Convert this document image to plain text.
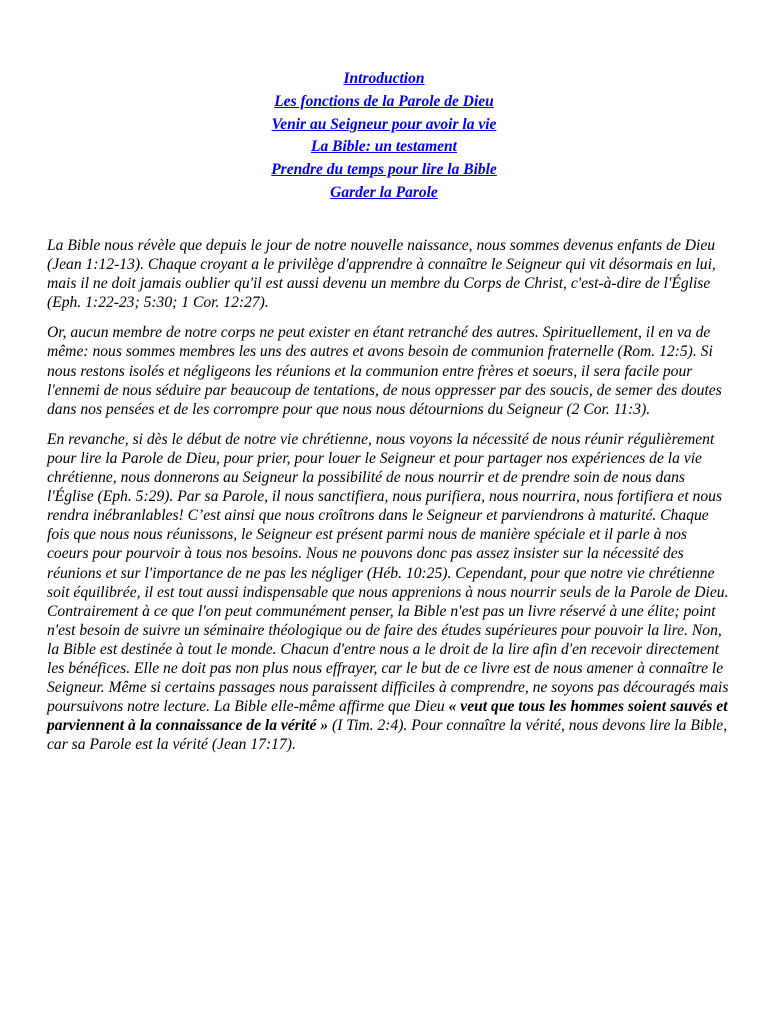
Introduction
Les fonctions de la Parole de Dieu
Venir au Seigneur pour avoir la vie
La Bible: un testament
Prendre du temps pour lire la Bible
Garder la Parole

La Bible nous révèle que depuis le jour de notre nouvelle naissance, nous sommes devenus enfants de Dieu (Jean 1:12-13). Chaque croyant a le privilège d'apprendre à connaître le Seigneur qui vit désormais en lui, mais il ne doit jamais oublier qu'il est aussi devenu un membre du Corps de Christ, c'est-à-dire de l'Église (Eph. 1:22-23; 5:30; 1 Cor. 12:27).

Or, aucun membre de notre corps ne peut exister en étant retranché des autres. Spirituellement, il en va de même: nous sommes membres les uns des autres et avons besoin de communion fraternelle (Rom. 12:5). Si nous restons isolés et négligeons les réunions et la communion entre frères et soeurs, il sera facile pour l'ennemi de nous séduire par beaucoup de tentations, de nous oppresser par des soucis, de semer des doutes dans nos pensées et de les corrompre pour que nous nous détournions du Seigneur (2 Cor. 11:3).

En revanche, si dès le début de notre vie chrétienne, nous voyons la nécessité de nous réunir régulièrement pour lire la Parole de Dieu, pour prier, pour louer le Seigneur et pour partager nos expériences de la vie chrétienne, nous donnerons au Seigneur la possibilité de nous nourrir et de prendre soin de nous dans l'Église (Eph. 5:29). Par sa Parole, il nous sanctifiera, nous purifiera, nous nourrira, nous fortifiera et nous rendra inébranlables! C’est ainsi que nous croîtrons dans le Seigneur et parviendrons à maturité. Chaque fois que nous nous réunissons, le Seigneur est présent parmi nous de manière spéciale et il parle à nos coeurs pour pourvoir à tous nos besoins. Nous ne pouvons donc pas assez insister sur la nécessité des réunions et sur l'importance de ne pas les négliger (Héb. 10:25). Cependant, pour que notre vie chrétienne soit équilibrée, il est tout aussi indispensable que nous apprenions à nous nourrir seuls de la Parole de Dieu. Contrairement à ce que l'on peut communément penser, la Bible n'est pas un livre réservé à une élite; point n'est besoin de suivre un séminaire théologique ou de faire des études supérieures pour pouvoir la lire. Non, la Bible est destinée à tout le monde. Chacun d'entre nous a le droit de la lire afin d'en recevoir directement les bénéfices. Elle ne doit pas non plus nous effrayer, car le but de ce livre est de nous amener à connaître le Seigneur. Même si certains passages nous paraissent difficiles à comprendre, ne soyons pas découragés mais poursuivons notre lecture. La Bible elle-même affirme que Dieu « veut que tous les hommes soient sauvés et parviennent à la connaissance de la vérité » (I Tim. 2:4). Pour connaître la vérité, nous devons lire la Bible, car sa Parole est la vérité (Jean 17:17).
